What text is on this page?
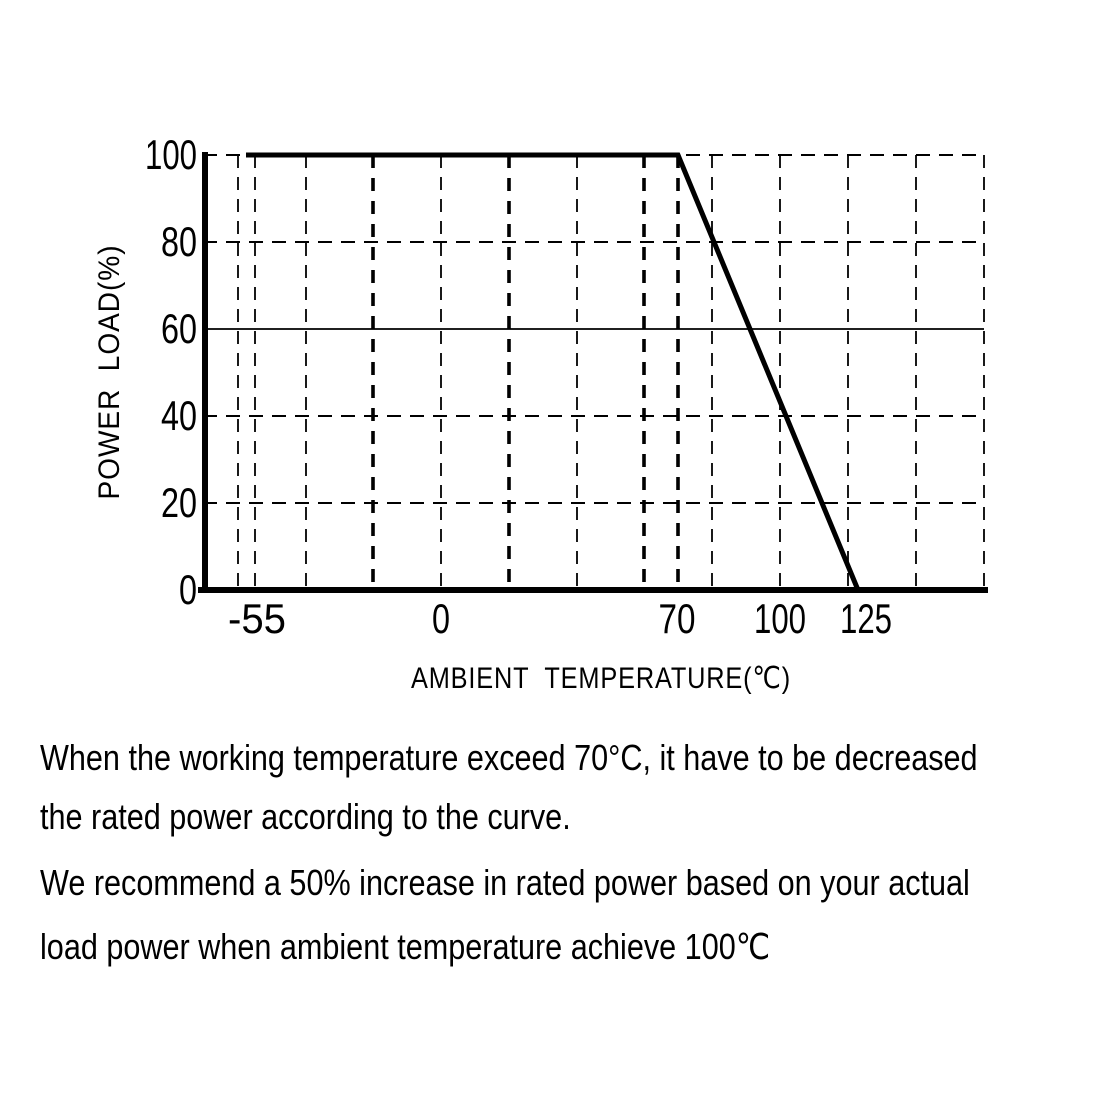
100
80
60
40
20
0
-55	0	70 100 125
AMBIENT  TEMPERATURE(℃)
POWER  LOAD(%)
When the working temperature exceed 70°C, it have to be decreased
the rated power according to the curve.
We recommend a 50% increase in rated power based on your actual
load power when ambient temperature achieve 100℃
